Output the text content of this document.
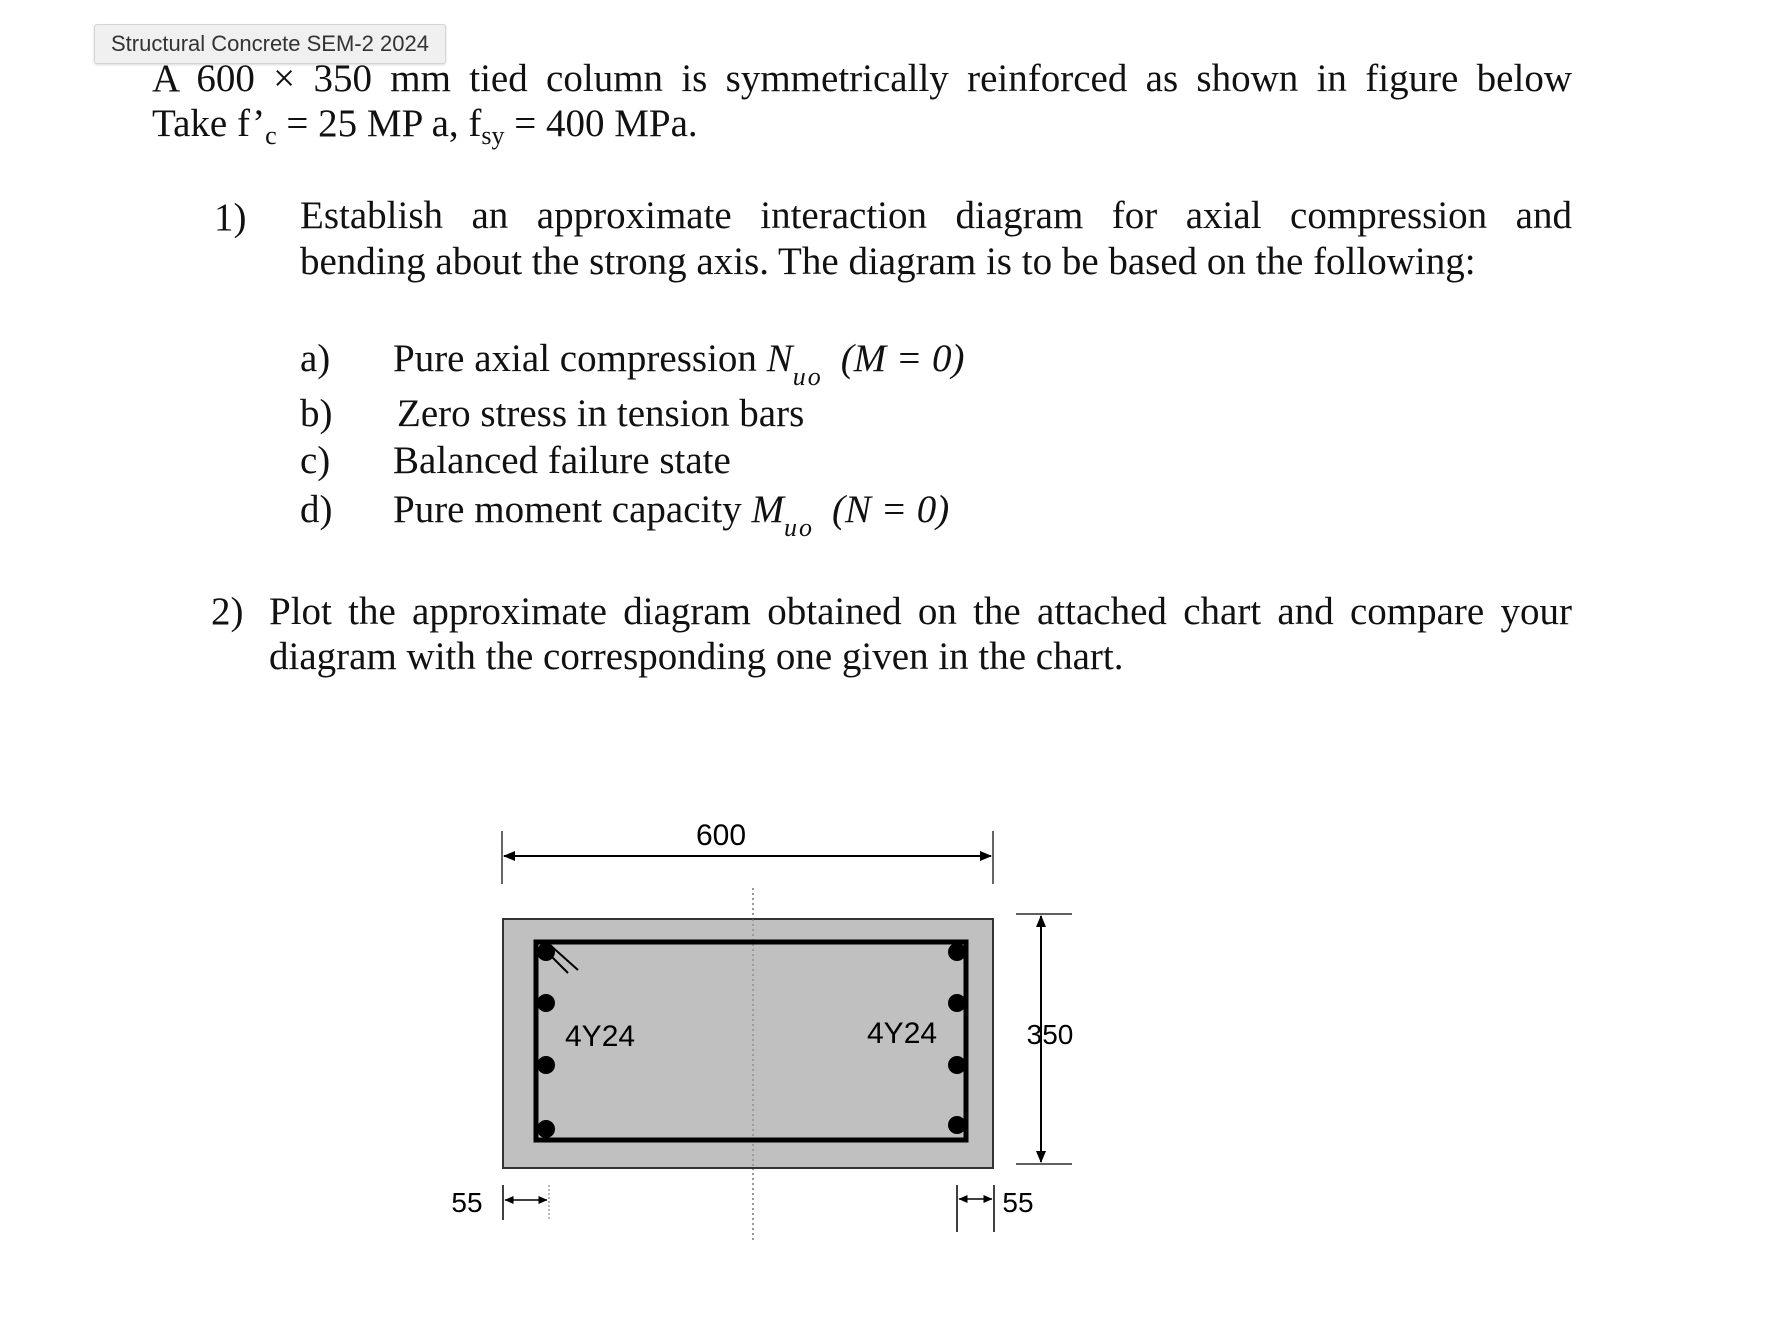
Structural Concrete SEM-2 2024
A 600 × 350 mm tied column is symmetrically reinforced as shown in figure below
Take $f’_c = 25$ MP a, $f_{sy} = 400$ MPa.
1) Establish an approximate interaction diagram for axial compression and
bending about the strong axis. The diagram is to be based on the following:
a) Pure axial compression $N_{uo}$ (M = 0)
b) Zero stress in tension bars
c) Balanced failure state
d) Pure moment capacity $M_{uo}$ (N = 0)
2) Plot the approximate diagram obtained on the attached chart and compare your
diagram with the corresponding one given in the chart.
600
4Y24	4Y24	350
55	55
